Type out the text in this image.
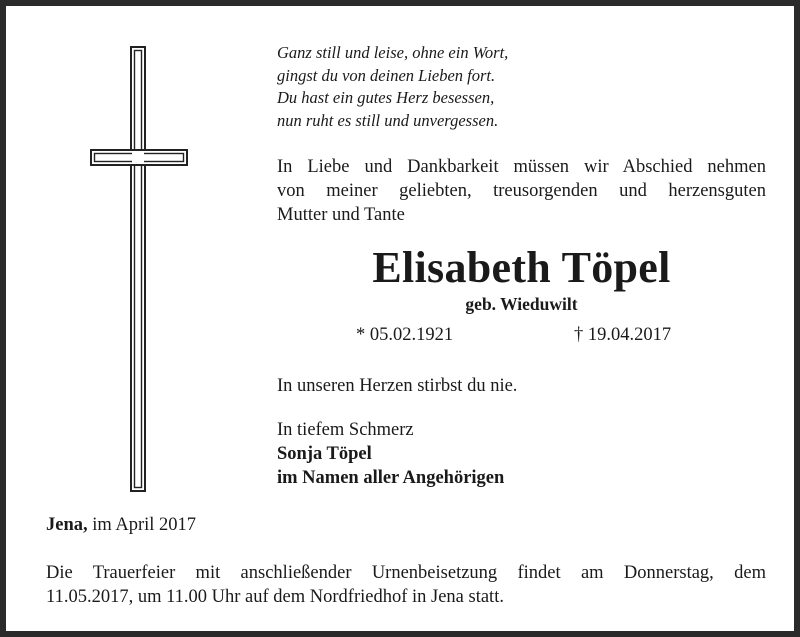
Ganz still und leise, ohne ein Wort,
gingst du von deinen Lieben fort.
Du hast ein gutes Herz besessen,
nun ruht es still und unvergessen.
In Liebe und Dankbarkeit müssen wir Abschied nehmen
von meiner geliebten, treusorgenden und herzensguten
Mutter und Tante
Elisabeth Töpel
geb. Wieduwilt
* 05.02.1921	† 19.04.2017
In unseren Herzen stirbst du nie.
In tiefem Schmerz
Sonja Töpel
im Namen aller Angehörigen
Jena, im April 2017
Die Trauerfeier mit anschließender Urnenbeisetzung findet am Donnerstag, dem
11.05.2017, um 11.00 Uhr auf dem Nordfriedhof in Jena statt.
